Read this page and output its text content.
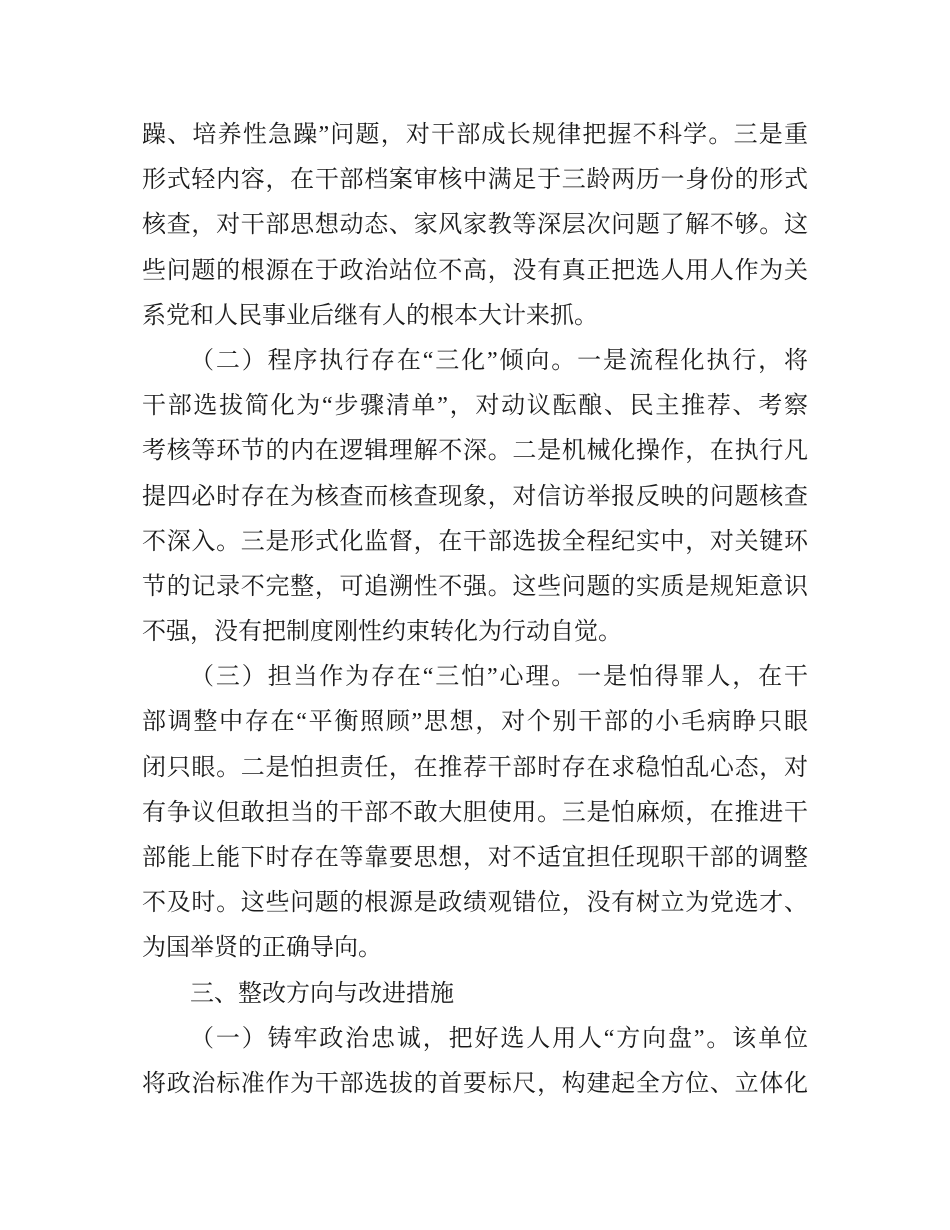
躁、培养性急躁”问题，对干部成长规律把握不科学。三是重
形式轻内容，在干部档案审核中满足于三龄两历一身份的形式
核查，对干部思想动态、家风家教等深层次问题了解不够。这
些问题的根源在于政治站位不高，没有真正把选人用人作为关
系党和人民事业后继有人的根本大计来抓。
（二）程序执行存在“三化”倾向。一是流程化执行，将
干部选拔简化为“步骤清单”，对动议酝酿、民主推荐、考察
考核等环节的内在逻辑理解不深。二是机械化操作，在执行凡
提四必时存在为核查而核查现象，对信访举报反映的问题核查
不深入。三是形式化监督，在干部选拔全程纪实中，对关键环
节的记录不完整，可追溯性不强。这些问题的实质是规矩意识
不强，没有把制度刚性约束转化为行动自觉。
（三）担当作为存在“三怕”心理。一是怕得罪人，在干
部调整中存在“平衡照顾”思想，对个别干部的小毛病睁只眼
闭只眼。二是怕担责任，在推荐干部时存在求稳怕乱心态，对
有争议但敢担当的干部不敢大胆使用。三是怕麻烦，在推进干
部能上能下时存在等靠要思想，对不适宜担任现职干部的调整
不及时。这些问题的根源是政绩观错位，没有树立为党选才、
为国举贤的正确导向。
三、整改方向与改进措施
（一）铸牢政治忠诚，把好选人用人“方向盘”。该单位
将政治标准作为干部选拔的首要标尺，构建起全方位、立体化
